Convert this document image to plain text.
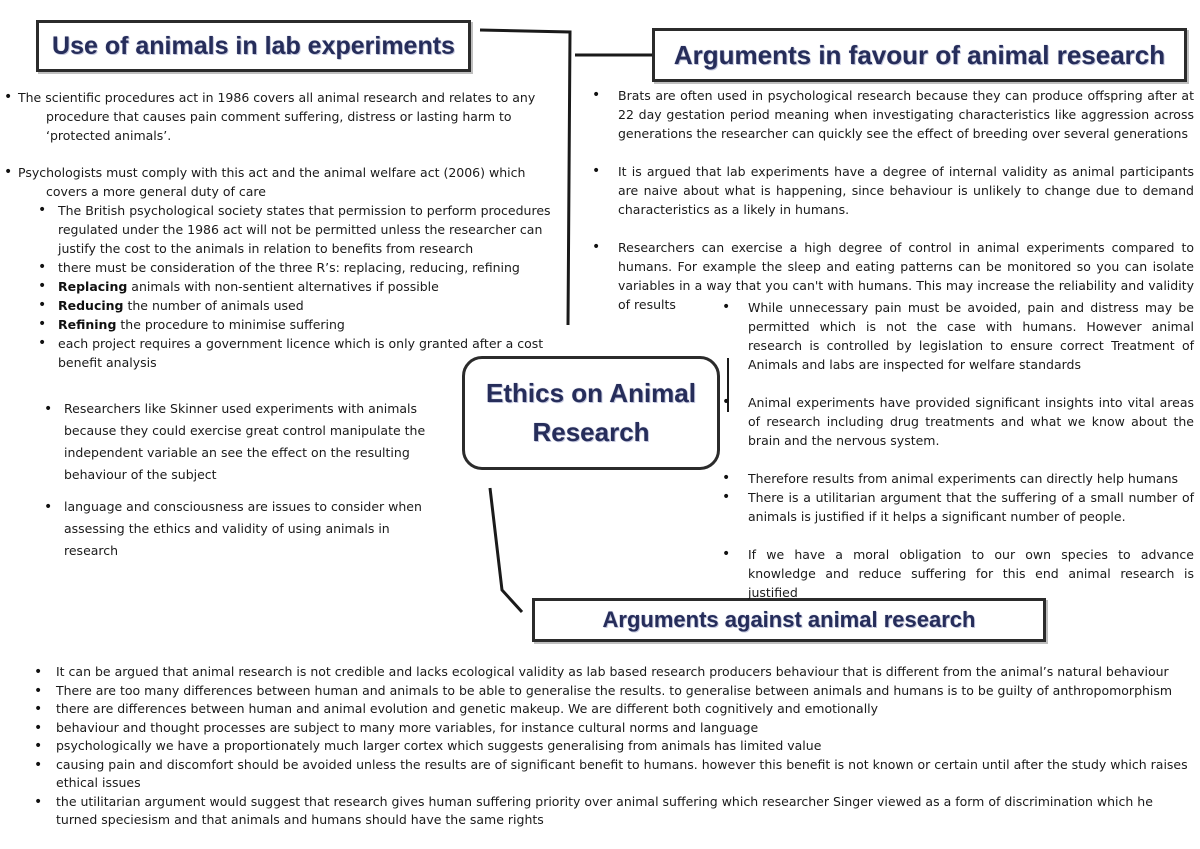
Use of animals in lab experiments	Arguments in favour of animal research
Arguments against animal research
Ethics on Animal Research
• The scientific procedures act in 1986 covers all animal research and relates to any
procedure that causes pain comment suffering, distress or lasting harm to ‘protected animals’.
• Psychologists must comply with this act and the animal welfare act (2006) which
covers a more general duty of care
• The British psychological society states that permission to perform procedures regulated under the 1986 act will not be permitted unless the researcher can justify the cost to the animals in relation to benefits from research
• there must be consideration of the three R’s: replacing, reducing, refining
• Replacing animals with non-sentient alternatives if possible
• Reducing the number of animals used
• Refining the procedure to minimise suffering
• each project requires a government licence which is only granted after a cost benefit analysis
• Researchers like Skinner used experiments with animals because they could exercise great control manipulate the independent variable an see the effect on the resulting behaviour of the subject
• language and consciousness are issues to consider when assessing the ethics and validity of using animals in research
• Brats are often used in psychological research because they can produce offspring after at 22 day gestation period meaning when investigating characteristics like aggression across generations the researcher can quickly see the effect of breeding over several generations
• It is argued that lab experiments have a degree of internal validity as animal participants are naive about what is happening, since behaviour is unlikely to change due to demand characteristics as a likely in humans.
• Researchers can exercise a high degree of control in animal experiments compared to humans. For example the sleep and eating patterns can be monitored so you can isolate variables in a way that you can't with humans. This may increase the reliability and validity of results
•	While unnecessary pain must be avoided, pain and distress may be permitted which is not the case with humans. However animal research is controlled by legislation to ensure correct Treatment of Animals and labs are inspected for welfare standards
• Animal experiments have provided significant insights into vital areas of research including drug treatments and what we know about the brain and the nervous system.
• Therefore results from animal experiments can directly help humans
• There is a utilitarian argument that the suffering of a small number of animals is justified if it helps a significant number of people.
• If we have a moral obligation to our own species to advance knowledge and reduce suffering for this end animal research is justified
• It can be argued that animal research is not credible and lacks ecological validity as lab based research producers behaviour that is different from the animal’s natural behaviour
• There are too many differences between human and animals to be able to generalise the results. to generalise between animals and humans is to be guilty of anthropomorphism
• there are differences between human and animal evolution and genetic makeup. We are different both cognitively and emotionally
• behaviour and thought processes are subject to many more variables, for instance cultural norms and language
• psychologically we have a proportionately much larger cortex which suggests generalising from animals has limited value
• causing pain and discomfort should be avoided unless the results are of significant benefit to humans. however this benefit is not known or certain until after the study which raises ethical issues
• the utilitarian argument would suggest that research gives human suffering priority over animal suffering which researcher Singer viewed as a form of discrimination which he turned speciesism and that animals and humans should have the same rights
